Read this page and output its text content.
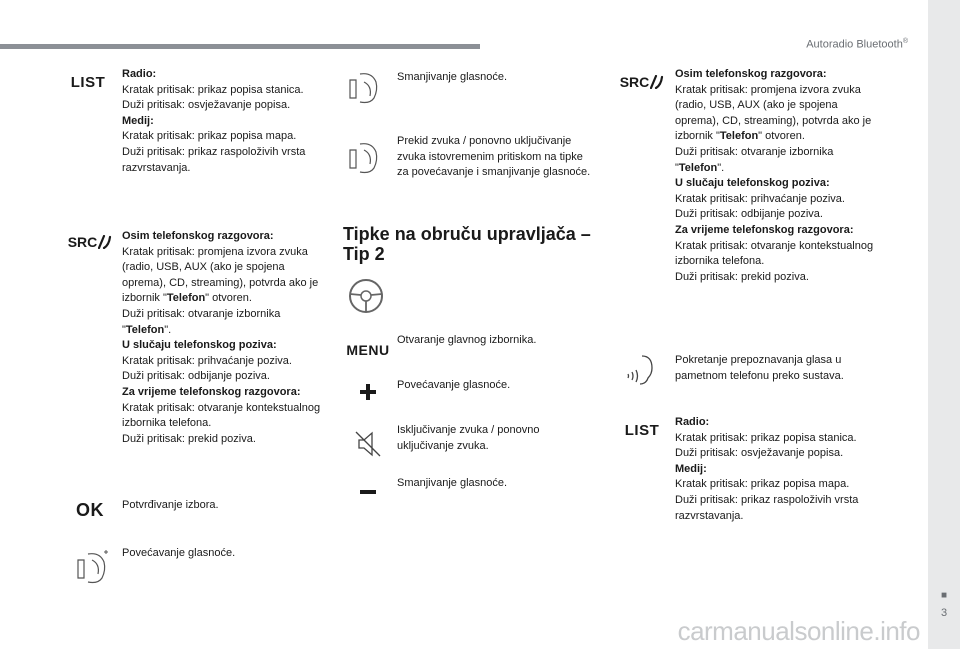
Autoradio Bluetooth®
■
3
LIST Radio:
Kratak pritisak: prikaz popisa stanica.
Duži pritisak: osvježavanje popisa.
Medij:
Kratak pritisak: prikaz popisa mapa.
Duži pritisak: prikaz raspoloživih vrsta razvrstavanja.
SRC Osim telefonskog razgovora:
Kratak pritisak: promjena izvora zvuka (radio, USB, AUX (ako je spojena oprema), CD, streaming), potvrda ako je izbornik "Telefon" otvoren.
Duži pritisak: otvaranje izbornika "Telefon".
U slučaju telefonskog poziva:
Kratak pritisak: prihvaćanje poziva.
Duži pritisak: odbijanje poziva.
Za vrijeme telefonskog razgovora:
Kratak pritisak: otvaranje kontekstualnog izbornika telefona.
Duži pritisak: prekid poziva.
OK Potvrđivanje izbora.
Povećavanje glasnoće.
Smanjivanje glasnoće.
Prekid zvuka / ponovno uključivanje zvuka istovremenim pritiskom na tipke za povećavanje i smanjivanje glasnoće.
Tipke na obruču upravljača – Tip 2
MENU
Otvaranje glavnog izbornika.
Povećavanje glasnoće.
Isključivanje zvuka / ponovno uključivanje zvuka.
Smanjivanje glasnoće.
SRC Osim telefonskog razgovora:
Kratak pritisak: promjena izvora zvuka (radio, USB, AUX (ako je spojena oprema), CD, streaming), potvrda ako je izbornik "Telefon" otvoren.
Duži pritisak: otvaranje izbornika "Telefon".
U slučaju telefonskog poziva:
Kratak pritisak: prihvaćanje poziva.
Duži pritisak: odbijanje poziva.
Za vrijeme telefonskog razgovora:
Kratak pritisak: otvaranje kontekstualnog izbornika telefona.
Duži pritisak: prekid poziva.
Pokretanje prepoznavanja glasa u pametnom telefonu preko sustava.
LIST Radio:
Kratak pritisak: prikaz popisa stanica.
Duži pritisak: osvježavanje popisa.
Medij:
Kratak pritisak: prikaz popisa mapa.
Duži pritisak: prikaz raspoloživih vrsta razvrstavanja.
carmanualsonline.info
